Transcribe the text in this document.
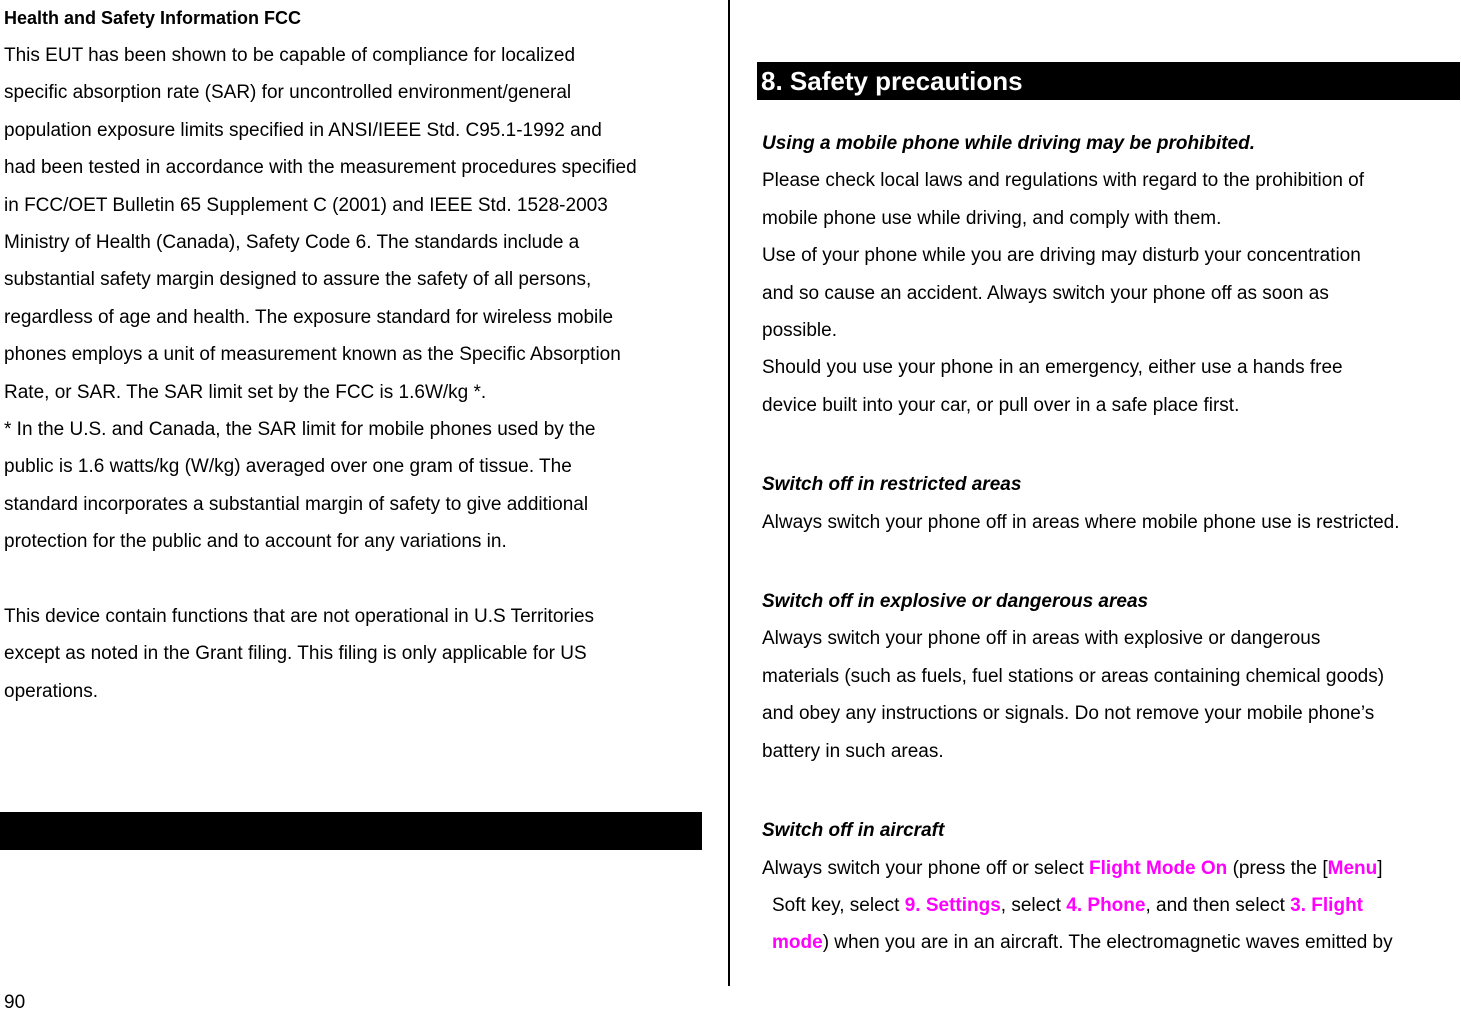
Health and Safety Information FCC

This EUT has been shown to be capable of compliance for localized

specific absorption rate (SAR) for uncontrolled environment/general

population exposure limits specified in ANSI/IEEE Std. C95.1-1992 and

had been tested in accordance with the measurement procedures specified

in FCC/OET Bulletin 65 Supplement C (2001) and IEEE Std. 1528-2003

Ministry of Health (Canada), Safety Code 6. The standards include a

substantial safety margin designed to assure the safety of all persons,

regardless of age and health. The exposure standard for wireless mobile

phones employs a unit of measurement known as the Specific Absorption

Rate, or SAR. The SAR limit set by the FCC is 1.6W/kg *.

* In the U.S. and Canada, the SAR limit for mobile phones used by the

public is 1.6 watts/kg (W/kg) averaged over one gram of tissue. The

standard incorporates a substantial margin of safety to give additional

protection for the public and to account for any variations in.

This device contain functions that are not operational in U.S Territories

except as noted in the Grant filing. This filing is only applicable for US

operations.

8. Safety precautions

Using a mobile phone while driving may be prohibited.

Please check local laws and regulations with regard to the prohibition of

mobile phone use while driving, and comply with them.

Use of your phone while you are driving may disturb your concentration

and so cause an accident. Always switch your phone off as soon as

possible.

Should you use your phone in an emergency, either use a hands free

device built into your car, or pull over in a safe place first.

Switch off in restricted areas

Always switch your phone off in areas where mobile phone use is restricted.

Switch off in explosive or dangerous areas

Always switch your phone off in areas with explosive or dangerous

materials (such as fuels, fuel stations or areas containing chemical goods)

and obey any instructions or signals. Do not remove your mobile phone’s

battery in such areas.

Switch off in aircraft

Always switch your phone off or select Flight Mode On (press the [Menu]

Soft key, select 9. Settings, select 4. Phone, and then select 3. Flight

mode) when you are in an aircraft. The electromagnetic waves emitted by

90
